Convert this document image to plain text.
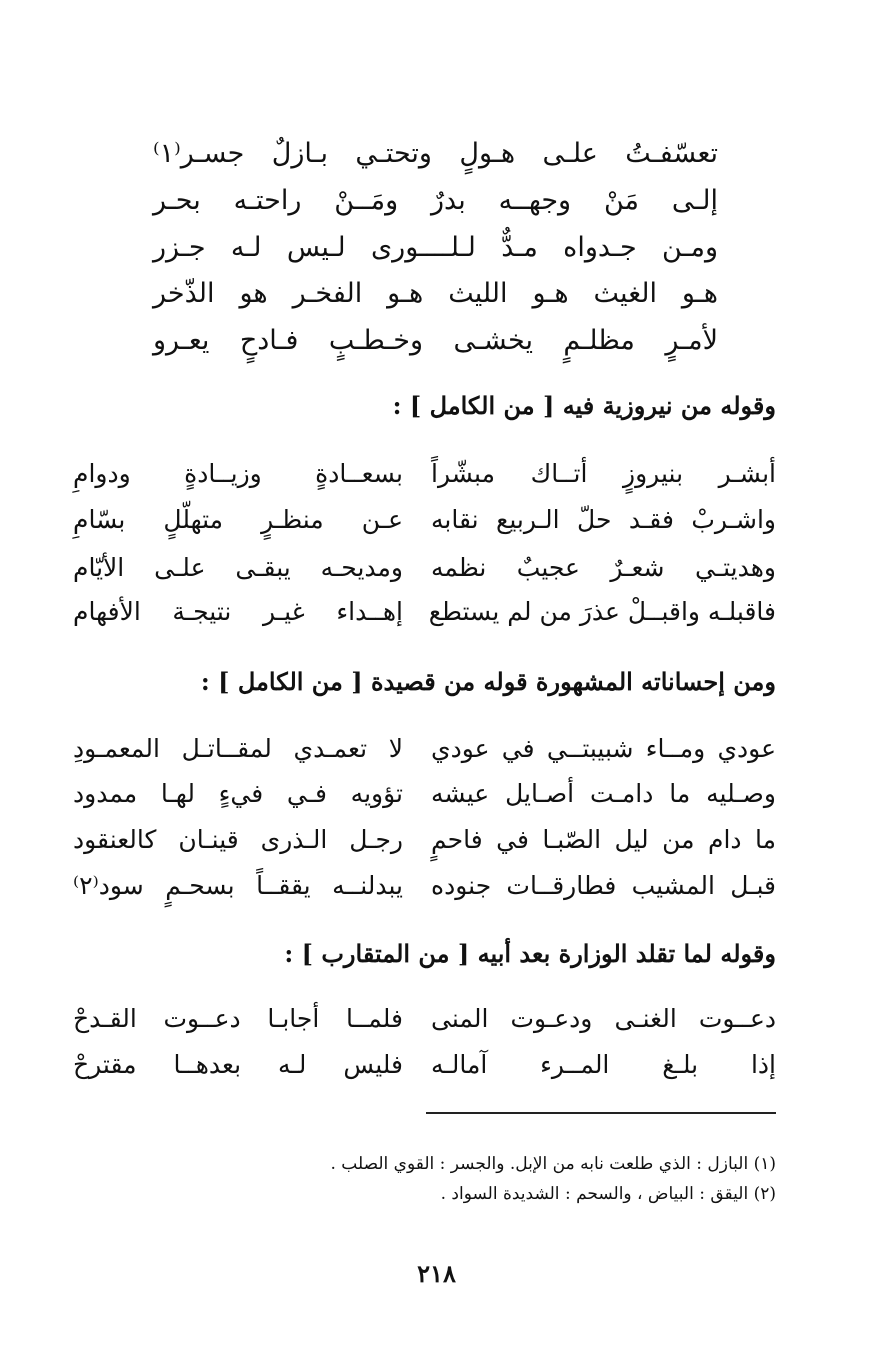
تعسّفـتُ علـى هـولٍ وتحتـي بـازلٌ جسـر⁽١⁾
إلـى مَنْ وجهــه بدرٌ ومَــنْ راحتـه بحـر
ومـن جـدواه مـدٌّ لـلــــورى لـيس لـه جـزر
هـو الغيث هـو الليث هـو الفخـر هو الذّخر
لأمـرٍ مظلـمٍ يخشـى وخـطـبٍ فـادحٍ يعـرو
وقوله من نيروزية فيه [ من الكامل ] :
أبشـر بنيروزٍ أتــاك مبشّراً
بسعــادةٍ وزيــادةٍ ودوامِ
واشـربْ فقـد حلّ الـربيع نقابه
عـن منظـرٍ متهلّلٍ بسّامِ
وهديتـي شعـرٌ عجيبٌ نظمه
ومديحـه يبقـى علـى الأيّام
فاقبلـه واقبــلْ عذرَ من لم يستطع
إهــداء غيـر نتيجـة الأفهام
ومن إحساناته المشهورة قوله من قصيدة [ من الكامل ] :
عودي ومــاء شبيبتــي في عودي
لا تعمـدي لمقــاتـل المعمـودِ
وصـليه ما دامـت أصـايل عيشه
تؤويه فـي فيءٍ لهـا ممدود
ما دام من ليل الصّبـا في فاحمٍ
رجـل الـذرى قينـان كالعنقود
قبـل المشيب فطارقــات جنوده
يبدلنــه يققــاً بسحـمٍ سود⁽٢⁾
وقوله لما تقلد الوزارة بعد أبيه [ من المتقارب ] :
دعــوت الغنـى ودعـوت المنى
فلمــا أجابـا دعــوت القـدحْ
إذا بلـغ المــرء آمالـه
فليس لـه بعدهــا مقترحْ
(١) البازل : الذي طلعت نابه من الإبل. والجسر : القوي الصلب .
(٢) اليقق : البياض ، والسحم : الشديدة السواد .
٢١٨
